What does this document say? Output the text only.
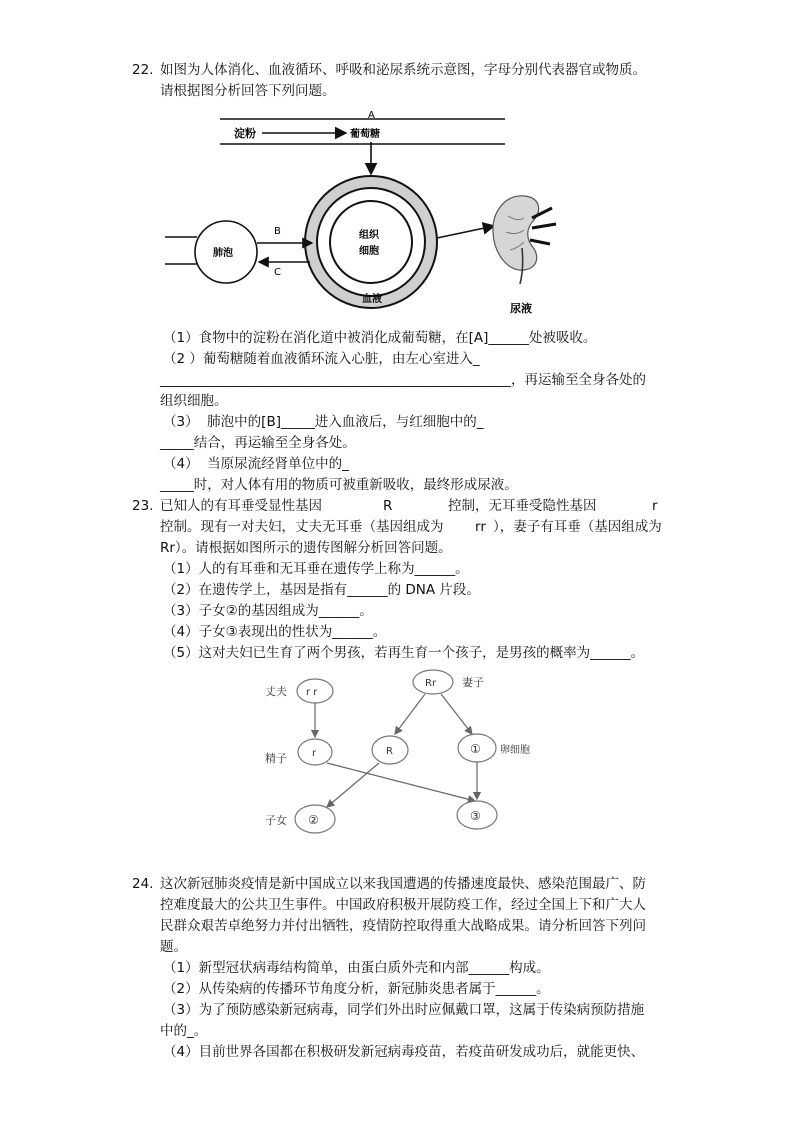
22. 如图为人体消化、血液循环、呼吸和泌尿系统示意图，字母分别代表器官或物质。
请根据图分析回答下列问题。
A
淀粉	葡萄糖
组织
细胞
血液
肺泡
B
C
尿液
（1）食物中的淀粉在消化道中被消化成葡萄糖，在[A]______处被吸收。
（2 ）葡萄糖随着血液循环流入心脏，由左心室进入_
____________________________________________________，再运输至全身各处的
组织细胞。
（3）  肺泡中的[B]_____进入血液后，与红细胞中的_
_____结合，再运输至全身各处。
（4）  当原尿流经肾单位中的_
_____时，对人体有用的物质可被重新吸收，最终形成尿液。
23. 已知人的有耳垂受显性基因	R	控制，无耳垂受隐性基因	r
控制。现有一对夫妇，丈夫无耳垂（基因组成为 rr ），妻子有耳垂（基因组成为
Rr）。请根据如图所示的遗传图解分析回答问题。
（1）人的有耳垂和无耳垂在遗传学上称为______。
（2）在遗传学上，基因是指有______的 DNA 片段。
（3）子女②的基因组成为______。
（4）子女③表现出的性状为______。
（5）这对夫妇已生育了两个男孩，若再生育一个孩子，是男孩的概率为______。
丈夫 r r
Rr 妻子
精子	r	R	① 卵细胞
子女 ②	③
24. 这次新冠肺炎疫情是新中国成立以来我国遭遇的传播速度最快、感染范围最广、防
控难度最大的公共卫生事件。中国政府积极开展防疫工作，经过全国上下和广大人
民群众艰苦卓绝努力并付出牺牲，疫情防控取得重大战略成果。请分析回答下列问
题。
（1）新型冠状病毒结构简单，由蛋白质外壳和内部______构成。
（2）从传染病的传播环节角度分析，新冠肺炎患者属于______。
（3）为了预防感染新冠病毒，同学们外出时应佩戴口罩，这属于传染病预防措施
中的_。
（4）目前世界各国都在积极研发新冠病毒疫苗，若疫苗研发成功后，就能更快、
